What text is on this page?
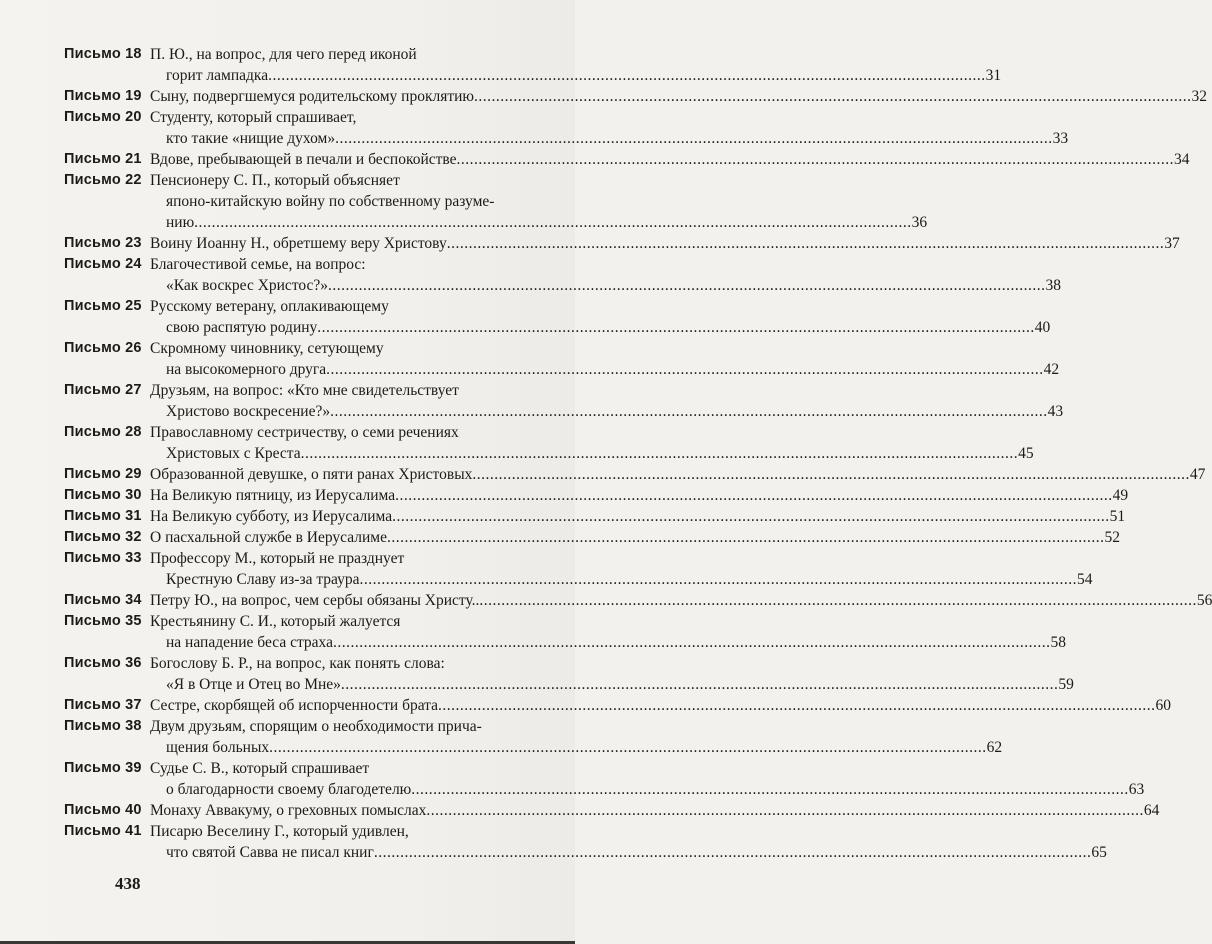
Письмо 18 П. Ю., на вопрос, для чего перед иконой
горит лампадка .....	31
Письмо 19 Сыну, подвергшемуся родительскому проклятию .....	32
Письмо 20 Студенту, который спрашивает,
кто такие «нищие духом» .....	33
Письмо 21 Вдове, пребывающей в печали и беспокойстве .....	34
Письмо 22 Пенсионеру С. П., который объясняет
японо-китайскую войну по собственному разуме-
нию .....	36
Письмо 23 Воину Иоанну Н., обретшему веру Христову .....	37
Письмо 24 Благочестивой семье, на вопрос:
«Как воскрес Христос?» .....	38
Письмо 25 Русскому ветерану, оплакивающему
свою распятую родину .....	40
Письмо 26 Скромному чиновнику, сетующему
на высокомерного друга .....	42
Письмо 27 Друзьям, на вопрос: «Кто мне свидетельствует
Христово воскресение?» .....	43
Письмо 28 Православному сестричеству, о семи речениях
Христовых с Креста .....	45
Письмо 29 Образованной девушке, о пяти ранах Христовых .....	47
Письмо 30 На Великую пятницу, из Иерусалима .....	49
Письмо 31 На Великую субботу, из Иерусалима .....	51
Письмо 32 О пасхальной службе в Иерусалиме .....	52
Письмо 33 Профессору М., который не празднует
Крестную Славу из-за траура .....	54
Письмо 34 Петру Ю., на вопрос, чем сербы обязаны Христу.. .....	56
Письмо 35 Крестьянину С. И., который жалуется
на нападение беса страха .....	58
Письмо 36 Богослову Б. Р., на вопрос, как понять слова:
«Я в Отце и Отец во Мне» .....	59
Письмо 37 Сестре, скорбящей об испорченности брата .....	60
Письмо 38 Двум друзьям, спорящим о необходимости прича-
щения больных .....	62
Письмо 39 Судье С. В., который спрашивает
о благодарности своему благодетелю .....	63
Письмо 40 Монаху Аввакуму, о греховных помыслах .....	64
Письмо 41 Писарю Веселину Г., который удивлен,
что святой Савва не писал книг .....	65
438
